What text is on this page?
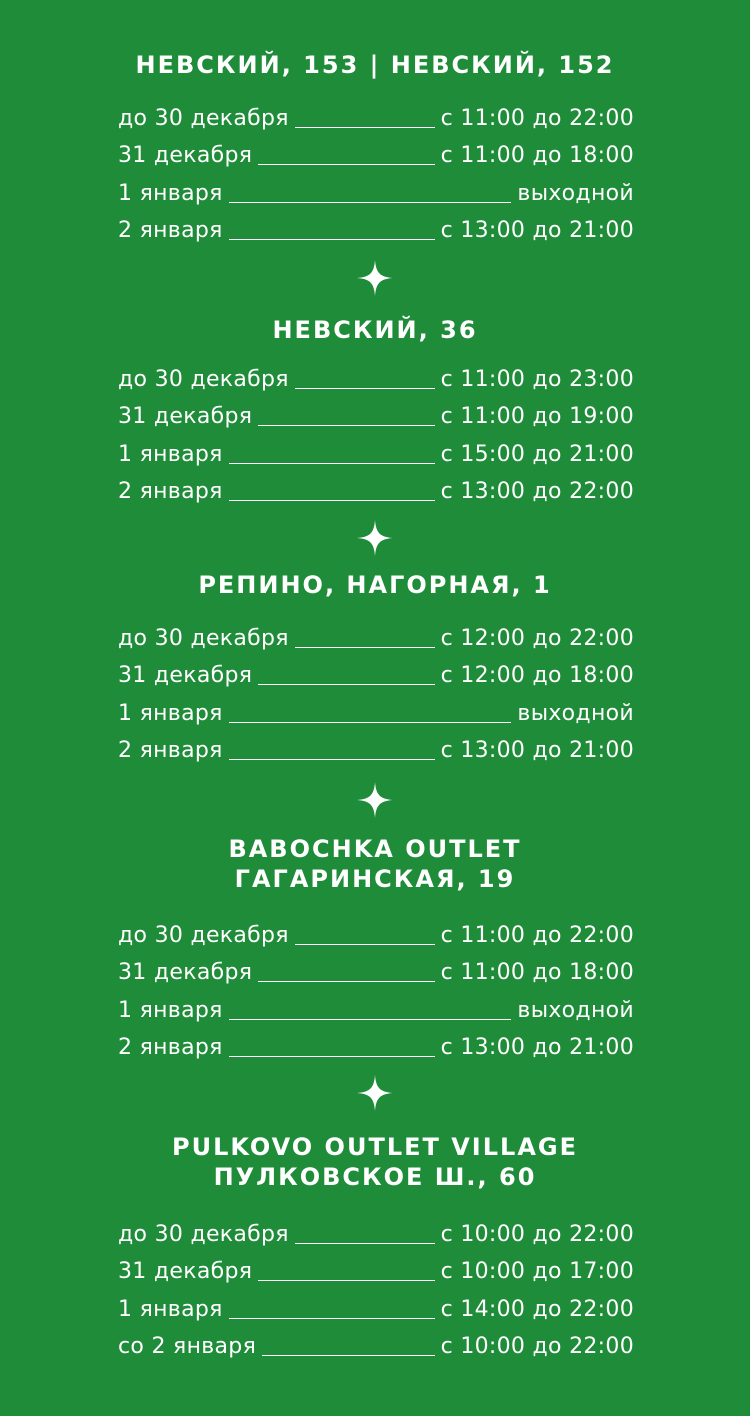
НЕВСКИЙ, 153 | НЕВСКИЙ, 152
до 30 декабря	с 11:00 до 22:00
31 декабря	с 11:00 до 18:00
1 января	выходной
2 января	с 13:00 до 21:00
НЕВСКИЙ, 36
до 30 декабря	с 11:00 до 23:00
31 декабря	с 11:00 до 19:00
1 января	с 15:00 до 21:00
2 января	с 13:00 до 22:00
РЕПИНО, НАГОРНАЯ, 1
до 30 декабря	с 12:00 до 22:00
31 декабря	с 12:00 до 18:00
1 января	выходной
2 января	с 13:00 до 21:00
BABOCHKA OUTLET
ГАГАРИНСКАЯ, 19
до 30 декабря	с 11:00 до 22:00
31 декабря	с 11:00 до 18:00
1 января	выходной
2 января	с 13:00 до 21:00
PULKOVO OUTLET VILLAGE
ПУЛКОВСКОЕ Ш., 60
до 30 декабря	с 10:00 до 22:00
31 декабря	с 10:00 до 17:00
1 января	с 14:00 до 22:00
со 2 января	с 10:00 до 22:00
